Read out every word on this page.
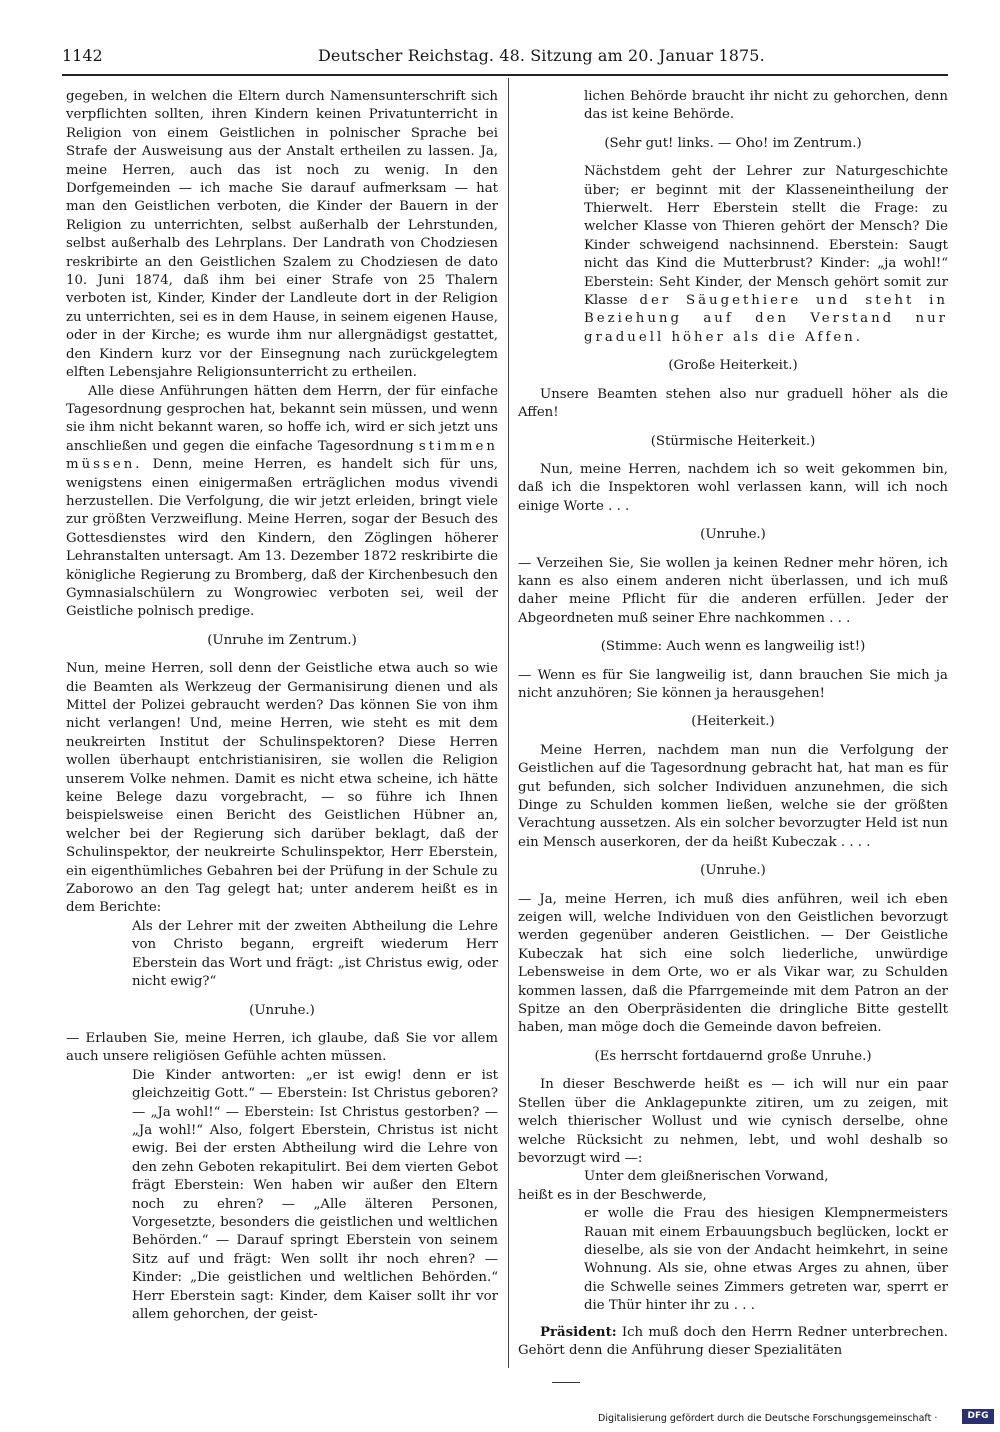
1142	Deutscher Reichstag. 48. Sitzung am 20. Januar 1875.

gegeben, in welchen die Eltern durch Namensunterschrift sich verpflichten sollten, ihren Kindern keinen Privatunterricht in Religion von einem Geistlichen in polnischer Sprache bei Strafe der Ausweisung aus der Anstalt ertheilen zu lassen. Ja, meine Herren, auch das ist noch zu wenig. In den Dorfgemeinden — ich mache Sie darauf aufmerksam — hat man den Geistlichen verboten, die Kinder der Bauern in der Religion zu unterrichten, selbst außerhalb der Lehrstunden, selbst außerhalb des Lehrplans. Der Landrath von Chodziesen reskribirte an den Geistlichen Szalem zu Chodziesen de dato 10. Juni 1874, daß ihm bei einer Strafe von 25 Thalern verboten ist, Kinder, Kinder der Landleute dort in der Religion zu unterrichten, sei es in dem Hause, in seinem eigenen Hause, oder in der Kirche; es wurde ihm nur allergnädigst gestattet, den Kindern kurz vor der Einsegnung nach zurückgelegtem elften Lebensjahre Religionsunterricht zu ertheilen.

Alle diese Anführungen hätten dem Herrn, der für einfache Tagesordnung gesprochen hat, bekannt sein müssen, und wenn sie ihm nicht bekannt waren, so hoffe ich, wird er sich jetzt uns anschließen und gegen die einfache Tagesordnung stimmen müssen. Denn, meine Herren, es handelt sich für uns, wenigstens einen einigermaßen erträglichen modus vivendi herzustellen. Die Verfolgung, die wir jetzt erleiden, bringt viele zur größten Verzweiflung. Meine Herren, sogar der Besuch des Gottesdienstes wird den Kindern, den Zöglingen höherer Lehranstalten untersagt. Am 13. Dezember 1872 reskribirte die königliche Regierung zu Bromberg, daß der Kirchenbesuch den Gymnasialschülern zu Wongrowiec verboten sei, weil der Geistliche polnisch predige.

(Unruhe im Zentrum.)

Nun, meine Herren, soll denn der Geistliche etwa auch so wie die Beamten als Werkzeug der Germanisirung dienen und als Mittel der Polizei gebraucht werden? Das können Sie von ihm nicht verlangen! Und, meine Herren, wie steht es mit dem neukreirten Institut der Schulinspektoren? Diese Herren wollen überhaupt entchristianisiren, sie wollen die Religion unserem Volke nehmen. Damit es nicht etwa scheine, ich hätte keine Belege dazu vorgebracht, — so führe ich Ihnen beispielsweise einen Bericht des Geistlichen Hübner an, welcher bei der Regierung sich darüber beklagt, daß der Schulinspektor, der neukreirte Schulinspektor, Herr Eberstein, ein eigenthümliches Gebahren bei der Prüfung in der Schule zu Zaborowo an den Tag gelegt hat; unter anderem heißt es in dem Berichte:

Als der Lehrer mit der zweiten Abtheilung die Lehre von Christo begann, ergreift wiederum Herr Eberstein das Wort und frägt: „ist Christus ewig, oder nicht ewig?“

(Unruhe.)

— Erlauben Sie, meine Herren, ich glaube, daß Sie vor allem auch unsere religiösen Gefühle achten müssen.

Die Kinder antworten: „er ist ewig! denn er ist gleichzeitig Gott.“ — Eberstein: Ist Christus geboren? — „Ja wohl!“ — Eberstein: Ist Christus gestorben? — „Ja wohl!“ Also, folgert Eberstein, Christus ist nicht ewig. Bei der ersten Abtheilung wird die Lehre von den zehn Geboten rekapitulirt. Bei dem vierten Gebot frägt Eberstein: Wen haben wir außer den Eltern noch zu ehren? — „Alle älteren Personen, Vorgesetzte, besonders die geistlichen und weltlichen Behörden.“ — Darauf springt Eberstein von seinem Sitz auf und frägt: Wen sollt ihr noch ehren? — Kinder: „Die geistlichen und weltlichen Behörden.“ Herr Eberstein sagt: Kinder, dem Kaiser sollt ihr vor allem gehorchen, der geist-

lichen Behörde braucht ihr nicht zu gehorchen, denn das ist keine Behörde.

(Sehr gut! links. — Oho! im Zentrum.)

Nächstdem geht der Lehrer zur Naturgeschichte über; er beginnt mit der Klasseneintheilung der Thierwelt. Herr Eberstein stellt die Frage: zu welcher Klasse von Thieren gehört der Mensch? Die Kinder schweigend nachsinnend. Eberstein: Saugt nicht das Kind die Mutterbrust? Kinder: „ja wohl!“ Eberstein: Seht Kinder, der Mensch gehört somit zur Klasse der Säugethiere und steht in Beziehung auf den Verstand nur graduell höher als die Affen.

(Große Heiterkeit.)

Unsere Beamten stehen also nur graduell höher als die Affen!

(Stürmische Heiterkeit.)

Nun, meine Herren, nachdem ich so weit gekommen bin, daß ich die Inspektoren wohl verlassen kann, will ich noch einige Worte . . .

(Unruhe.)

— Verzeihen Sie, Sie wollen ja keinen Redner mehr hören, ich kann es also einem anderen nicht überlassen, und ich muß daher meine Pflicht für die anderen erfüllen. Jeder der Abgeordneten muß seiner Ehre nachkommen . . .

(Stimme: Auch wenn es langweilig ist!)

— Wenn es für Sie langweilig ist, dann brauchen Sie mich ja nicht anzuhören; Sie können ja herausgehen!

(Heiterkeit.)

Meine Herren, nachdem man nun die Verfolgung der Geistlichen auf die Tagesordnung gebracht hat, hat man es für gut befunden, sich solcher Individuen anzunehmen, die sich Dinge zu Schulden kommen ließen, welche sie der größten Verachtung aussetzen. Als ein solcher bevorzugter Held ist nun ein Mensch auserkoren, der da heißt Kubeczak . . . .

(Unruhe.)

— Ja, meine Herren, ich muß dies anführen, weil ich eben zeigen will, welche Individuen von den Geistlichen bevorzugt werden gegenüber anderen Geistlichen. — Der Geistliche Kubeczak hat sich eine solch liederliche, unwürdige Lebensweise in dem Orte, wo er als Vikar war, zu Schulden kommen lassen, daß die Pfarrgemeinde mit dem Patron an der Spitze an den Oberpräsidenten die dringliche Bitte gestellt haben, man möge doch die Gemeinde davon befreien.

(Es herrscht fortdauernd große Unruhe.)

In dieser Beschwerde heißt es — ich will nur ein paar Stellen über die Anklagepunkte zitiren, um zu zeigen, mit welch thierischer Wollust und wie cynisch derselbe, ohne welche Rücksicht zu nehmen, lebt, und wohl deshalb so bevorzugt wird —:

Unter dem gleißnerischen Vorwand,

heißt es in der Beschwerde,

er wolle die Frau des hiesigen Klempnermeisters Rauan mit einem Erbauungsbuch beglücken, lockt er dieselbe, als sie von der Andacht heimkehrt, in seine Wohnung. Als sie, ohne etwas Arges zu ahnen, über die Schwelle seines Zimmers getreten war, sperrt er die Thür hinter ihr zu . . .

Präsident: Ich muß doch den Herrn Redner unterbrechen. Gehört denn die Anführung dieser Spezialitäten

Digitalisierung gefördert durch die Deutsche Forschungsgemeinschaft ·	DFG
